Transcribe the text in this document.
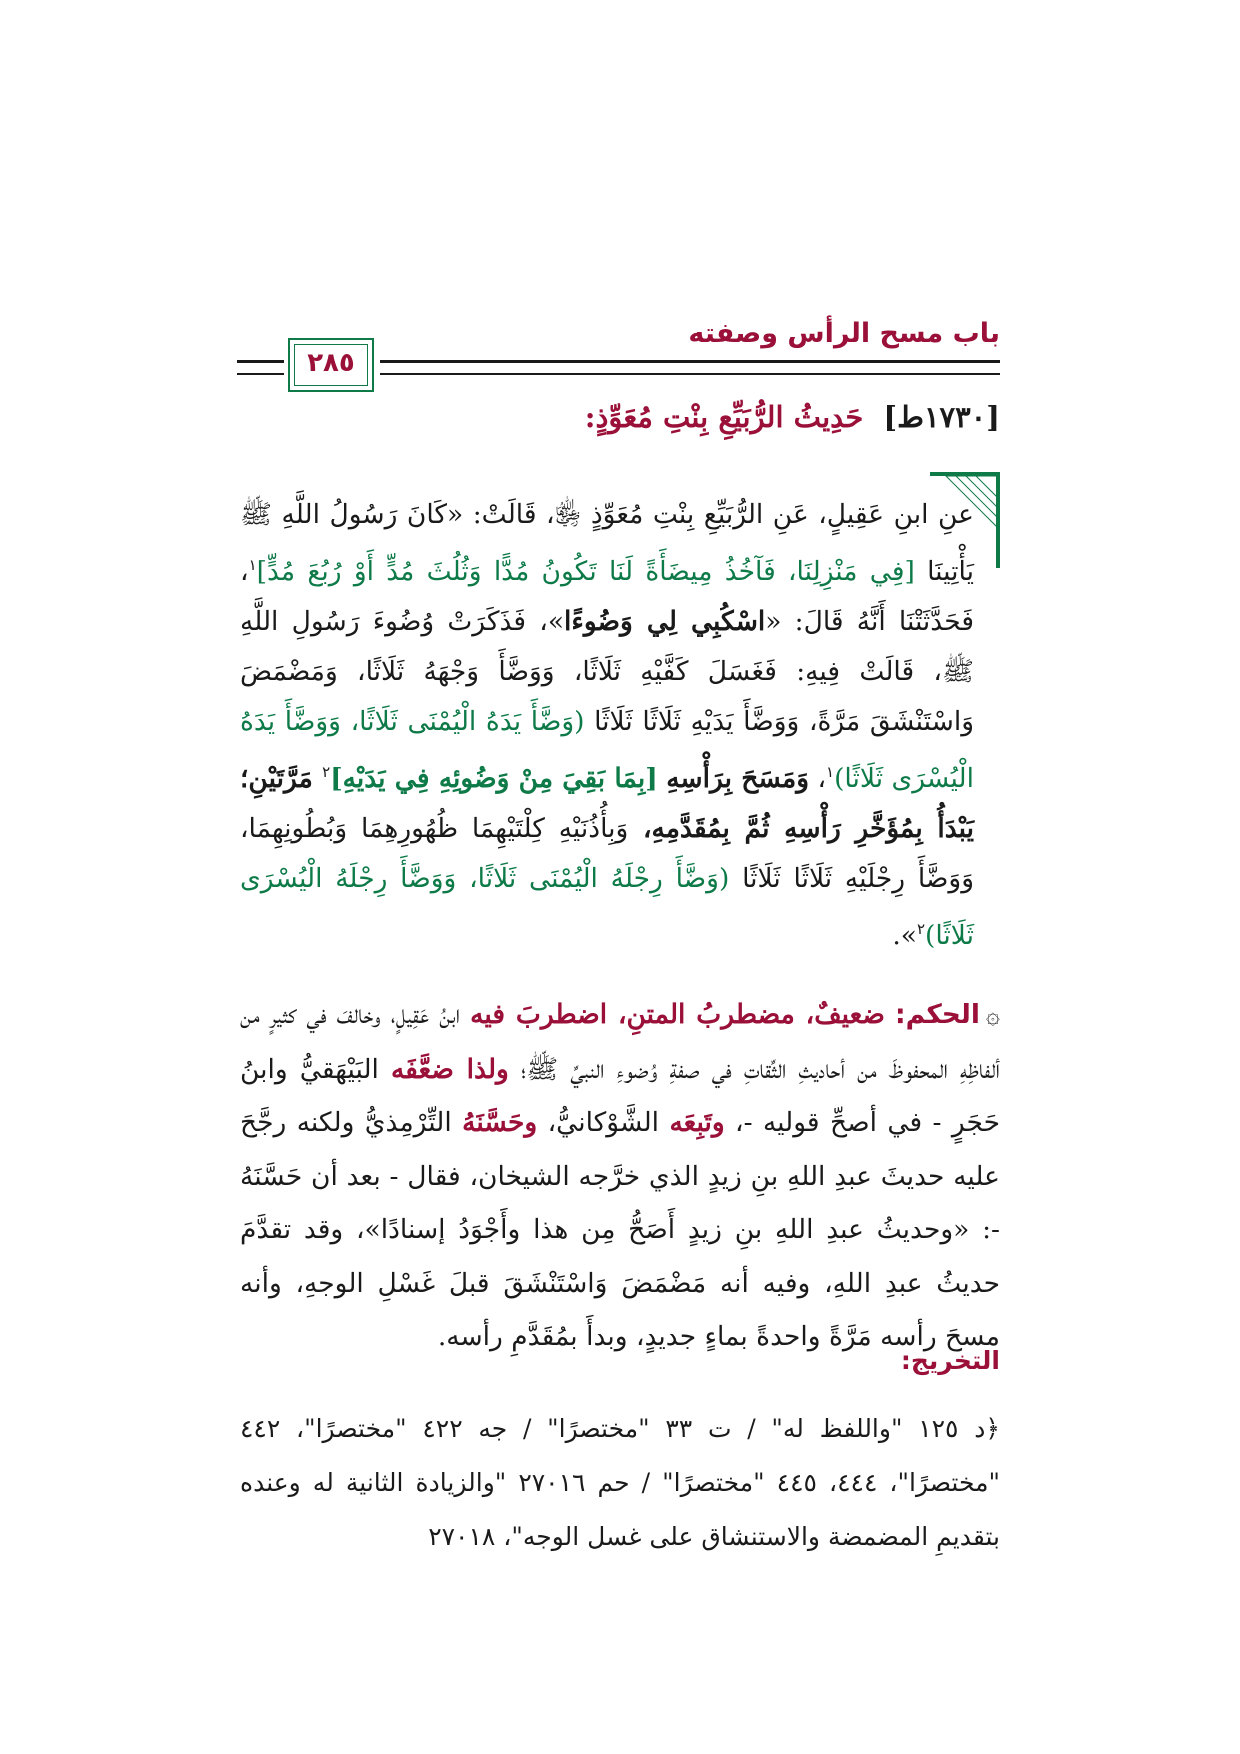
باب مسح الرأس وصفته
٢٨٥
[١٧٣٠ط] حَدِيثُ الرُّبَيِّعِ بِنْتِ مُعَوِّذٍ:

عنِ ابنِ عَقِيلٍ، عَنِ الرُّبَيِّعِ بِنْتِ مُعَوِّذٍ ﵂، قَالَتْ: «كَانَ رَسُولُ اللَّهِ ﷺ يَأْتِينَا [فِي مَنْزِلِنَا، فَآخُذُ مِيضَأَةً لَنَا تَكُونُ مُدًّا وَثُلُثَ مُدٍّ أَوْ رُبُعَ مُدٍّ]$^١$، فَحَدَّثَتْنَا أَنَّهُ قَالَ: «اسْكُبِي لِي وَضُوءًا»، فَذَكَرَتْ وُضُوءَ رَسُولِ اللَّهِ ﷺ، قَالَتْ فِيهِ: فَغَسَلَ كَفَّيْهِ ثَلَاثًا، وَوَضَّأَ وَجْهَهُ ثَلَاثًا، وَمَضْمَضَ وَاسْتَنْشَقَ مَرَّةً، وَوَضَّأَ يَدَيْهِ ثَلَاثًا ثَلَاثًا (وَضَّأَ يَدَهُ الْيُمْنَى ثَلَاثًا، وَوَضَّأَ يَدَهُ الْيُسْرَى ثَلَاثًا)$^١$، وَمَسَحَ بِرَأْسِهِ [بِمَا بَقِيَ مِنْ وَضُوئِهِ فِي يَدَيْهِ]$^٢$ مَرَّتَيْنِ؛ يَبْدَأُ بِمُؤَخَّرِ رَأْسِهِ ثُمَّ بِمُقَدَّمِهِ، وَبِأُذُنَيْهِ كِلْتَيْهِمَا ظُهُورِهِمَا وَبُطُونِهِمَا، وَوَضَّأَ رِجْلَيْهِ ثَلَاثًا ثَلَاثًا (وَضَّأَ رِجْلَهُ الْيُمْنَى ثَلَاثًا، وَوَضَّأَ رِجْلَهُ الْيُسْرَى ثَلَاثًا)$^٢$».

۞الحكم: ضعيفٌ، مضطربُ المتنِ، اضطربَ فيه ابنُ عَقِيلٍ، وخالفَ في كثيرٍ من ألفاظِهِ المحفوظَ من أحاديثِ الثِّقاتِ في صفةِ وُضوءِ النبيِّ ﷺ؛ ولذا ضعَّفَه البَيْهَقيُّ وابنُ حَجَرٍ - في أصحِّ قوليه -، وتَبِعَه الشَّوْكانيُّ، وحَسَّنَهُ التِّرْمِذيُّ ولكنه رجَّحَ عليه حديثَ عبدِ اللهِ بنِ زيدٍ الذي خرَّجه الشيخان، فقال - بعد أن حَسَّنَهُ -: «وحديثُ عبدِ اللهِ بنِ زيدٍ أَصَحُّ مِن هذا وأَجْوَدُ إسنادًا»، وقد تقدَّمَ حديثُ عبدِ اللهِ، وفيه أنه مَضْمَضَ وَاسْتَنْشَقَ قبلَ غَسْلِ الوجهِ، وأنه مسحَ رأسه مَرَّةً واحدةً بماءٍ جديدٍ، وبدأَ بمُقَدَّمِ رأسه.

التخريج:

﴿د ١٢٥ "واللفظ له" / ت ٣٣ "مختصرًا" / جه ٤٢٢ "مختصرًا"، ٤٤٢ "مختصرًا"، ٤٤٤، ٤٤٥ "مختصرًا" / حم ٢٧٠١٦ "والزيادة الثانية له وعنده بتقديمِ المضمضة والاستنشاق على غسل الوجه"، ٢٧٠١٨
